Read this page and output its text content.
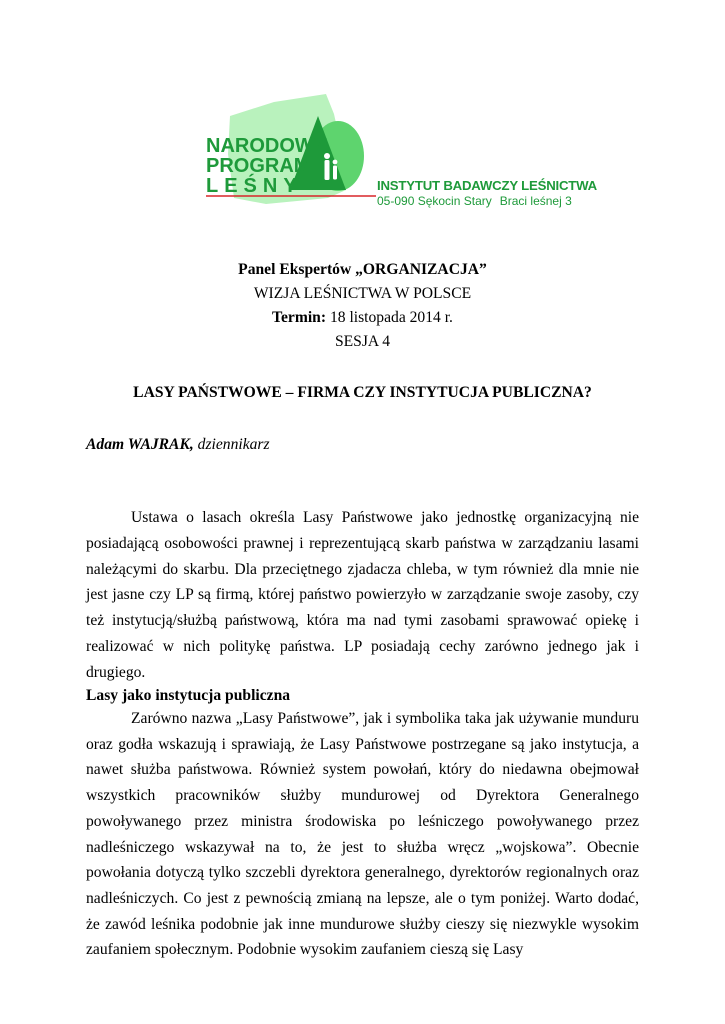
NARODOWY
PROGRAM
LEŚNY	INSTYTUT BADAWCZY LEŚNICTWA
05-090 Sękocin Stary Braci leśnej 3
Panel Ekspertów „ORGANIZACJA”
WIZJA LEŚNICTWA W POLSCE
Termin: 18 listopada 2014 r.
SESJA 4
LASY PAŃSTWOWE – FIRMA CZY INSTYTUCJA PUBLICZNA?
Adam WAJRAK, dziennikarz

Ustawa o lasach określa Lasy Państwowe jako jednostkę organizacyjną nie posiadającą osobowości prawnej i reprezentującą skarb państwa w zarządzaniu lasami należącymi do skarbu. Dla przeciętnego zjadacza chleba, w tym również dla mnie nie jest jasne czy LP są firmą, której państwo powierzyło w zarządzanie swoje zasoby, czy też instytucją/służbą państwową, która ma nad tymi zasobami sprawować opiekę i realizować w nich politykę państwa. LP posiadają cechy zarówno jednego jak i drugiego.

Lasy jako instytucja publiczna

Zarówno nazwa „Lasy Państwowe”, jak i symbolika taka jak używanie munduru oraz godła wskazują i sprawiają, że Lasy Państwowe postrzegane są jako instytucja, a nawet służba państwowa. Również system powołań, który do niedawna obejmował wszystkich pracowników służby mundurowej od Dyrektora Generalnego powoływanego przez ministra środowiska po leśniczego powoływanego przez nadleśniczego wskazywał na to, że jest to służba wręcz „wojskowa”. Obecnie powołania dotyczą tylko szczebli dyrektora generalnego, dyrektorów regionalnych oraz nadleśniczych. Co jest z pewnością zmianą na lepsze, ale o tym poniżej. Warto dodać, że zawód leśnika podobnie jak inne mundurowe służby cieszy się niezwykle wysokim zaufaniem społecznym. Podobnie wysokim zaufaniem cieszą się Lasy
